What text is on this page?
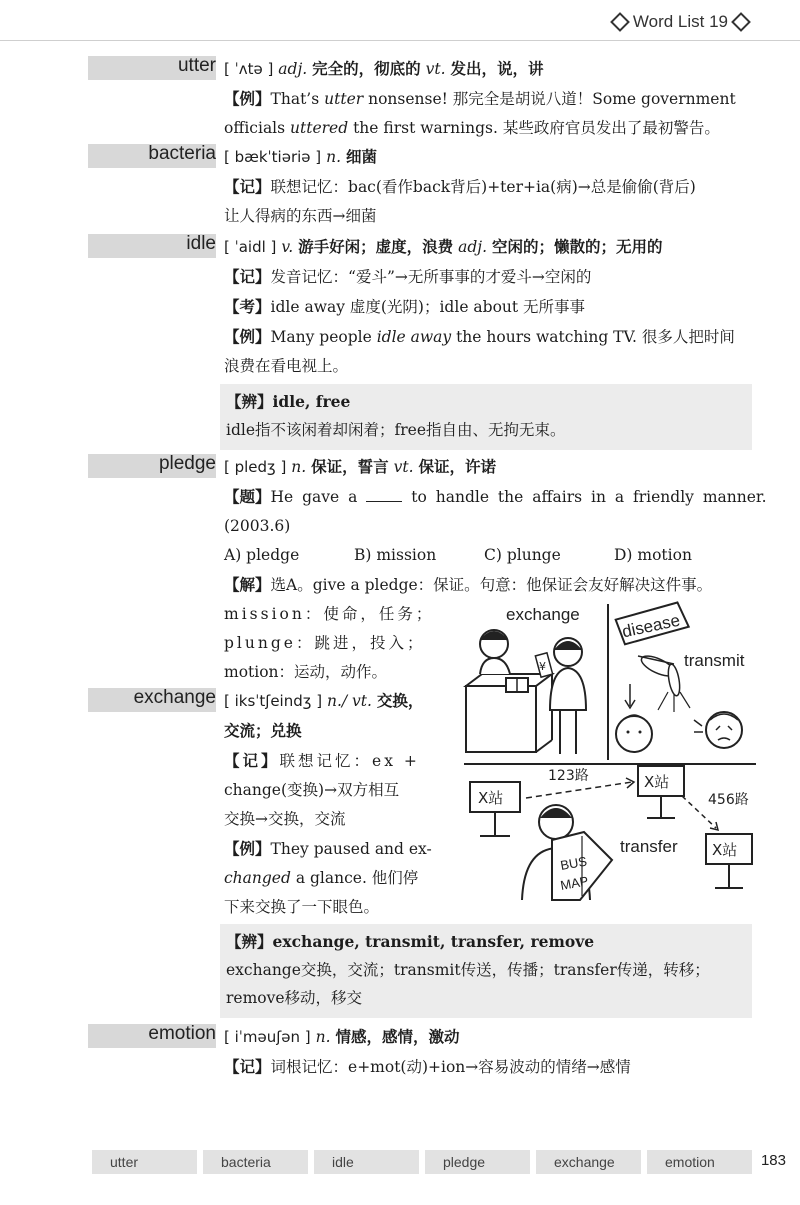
Word List 19
utter [ ˈʌtə ] adj. 完全的，彻底的 vt. 发出，说，讲
【例】That’s utter nonsense! 那完全是胡说八道！Some government
officials uttered the first warnings. 某些政府官员发出了最初警告。
bacteria [ bækˈtiəriə ] n. 细菌
【记】联想记忆：bac(看作back背后)+ter+ia(病)→总是偷偷(背后)
让人得病的东西→细菌
idle [ ˈaidl ] v. 游手好闲；虚度，浪费 adj. 空闲的；懒散的；无用的
【记】发音记忆：“爱斗”→无所事事的才爱斗→空闲的
【考】idle away 虚度(光阴)；idle about 无所事事
【例】Many people idle away the hours watching TV. 很多人把时间
浪费在看电视上。
【辨】idle, free
idle指不该闲着却闲着；free指自由、无拘无束。
pledge [ pledʒ ] n. 保证，誓言 vt. 保证，许诺
【题】He gave a  to handle the affairs in a friendly manner.
(2003.6)
A) pledge	B) mission	C) plunge	D) motion
【解】选A。give a pledge：保证。句意：他保证会友好解决这件事。
mission：使命，任务；
plunge：跳进，投入；
motion：运动，动作。
exchange [ iksˈtʃeindʒ ] n./ vt. 交换，
交流；兑换
【记】联想记忆：ex +
change(变换)→双方相互
交换→交换，交流
【例】They paused and ex-
changed a glance. 他们停
下来交换了一下眼色。
exchange
¥
disease
transmit
123路
456路
X站
X站
X站
BUS
MAP
transfer
【辨】exchange, transmit, transfer, remove
exchange交换，交流；transmit传送，传播；transfer传递，转移；
remove移动，移交
emotion [ iˈməuʃən ] n. 情感，感情，激动
【记】词根记忆：e+mot(动)+ion→容易波动的情绪→感情
utter	bacteria	idle	pledge	exchange	emotion	183
